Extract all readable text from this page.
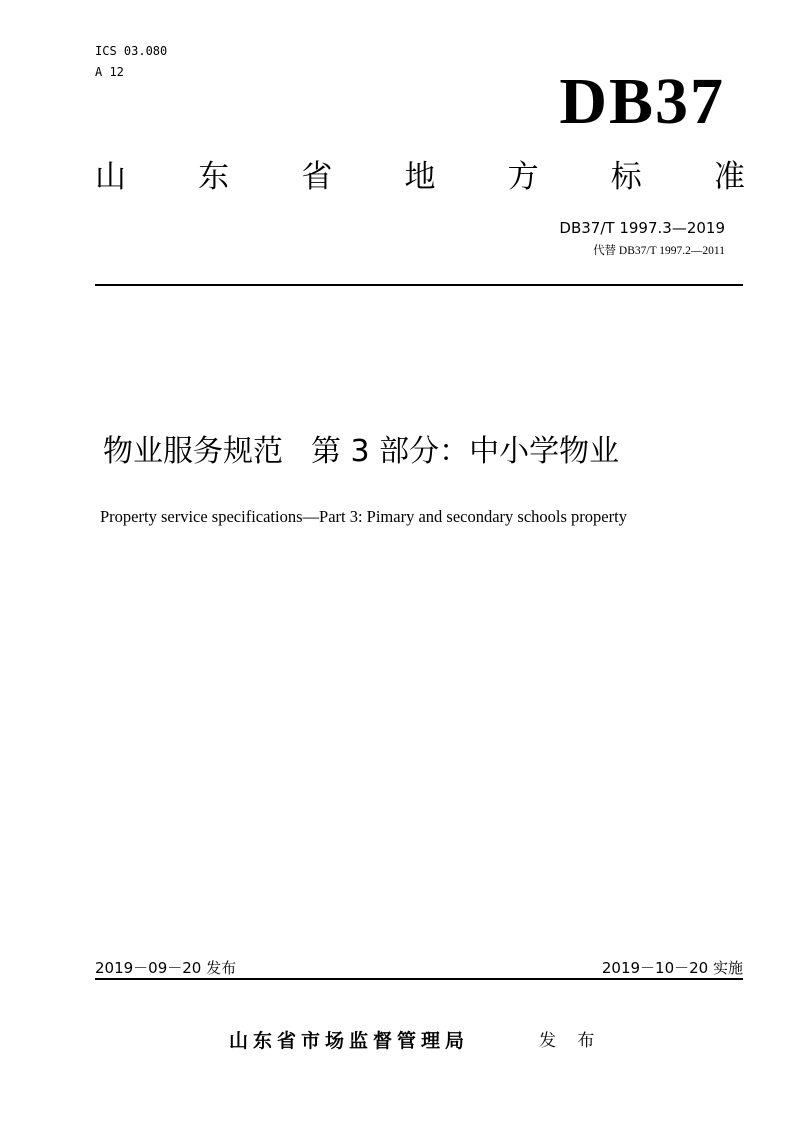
ICS 03.080
A 12	DB37
山 东 省 地 方 标 准
DB37/T 1997.3—2019
代替 DB37/T 1997.2—2011
物业服务规范 第 3 部分：中小学物业
Property service specifications—Part 3: Pimary and secondary schools property
2019－09－20 发布	2019－10－20 实施
山东省市场监督管理局	发 布
